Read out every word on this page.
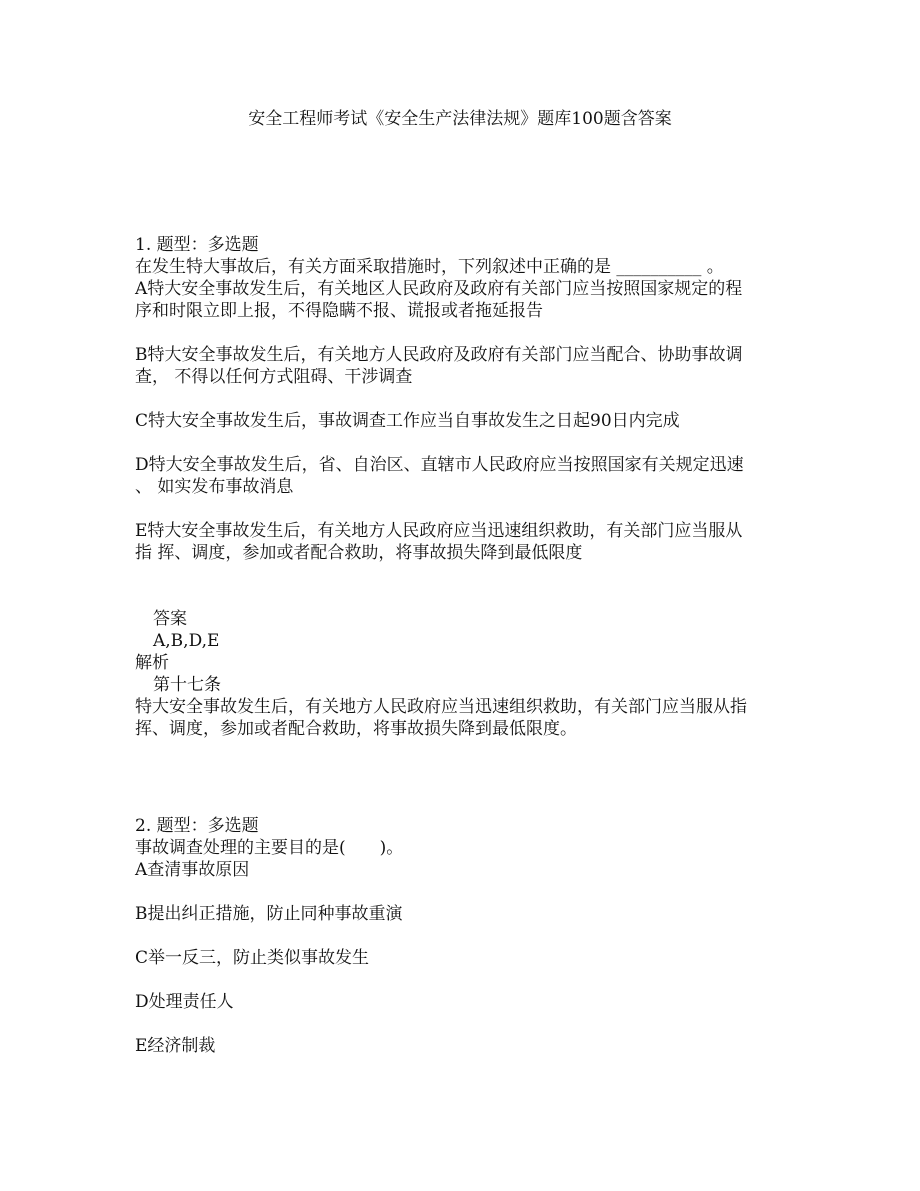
安全工程师考试《安全生产法律法规》题库100题含答案
1. 题型：多选题
在发生特大事故后，有关方面采取措施时，下列叙述中正确的是 __________ 。
A特大安全事故发生后，有关地区人民政府及政府有关部门应当按照国家规定的程
序和时限立即上报，不得隐瞒不报、谎报或者拖延报告
B特大安全事故发生后，有关地方人民政府及政府有关部门应当配合、协助事故调
查， 不得以任何方式阻碍、干涉调查
C特大安全事故发生后，事故调查工作应当自事故发生之日起90日内完成
D特大安全事故发生后，省、自治区、直辖市人民政府应当按照国家有关规定迅速
、 如实发布事故消息
E特大安全事故发生后，有关地方人民政府应当迅速组织救助，有关部门应当服从
指 挥、调度，参加或者配合救助，将事故损失降到最低限度
答案
A,B,D,E
解析
第十七条
特大安全事故发生后，有关地方人民政府应当迅速组织救助，有关部门应当服从指
挥、调度，参加或者配合救助，将事故损失降到最低限度。
2. 题型：多选题
事故调查处理的主要目的是(　　)。
A查清事故原因
B提出纠正措施，防止同种事故重演
C举一反三，防止类似事故发生
D处理责任人
E经济制裁
